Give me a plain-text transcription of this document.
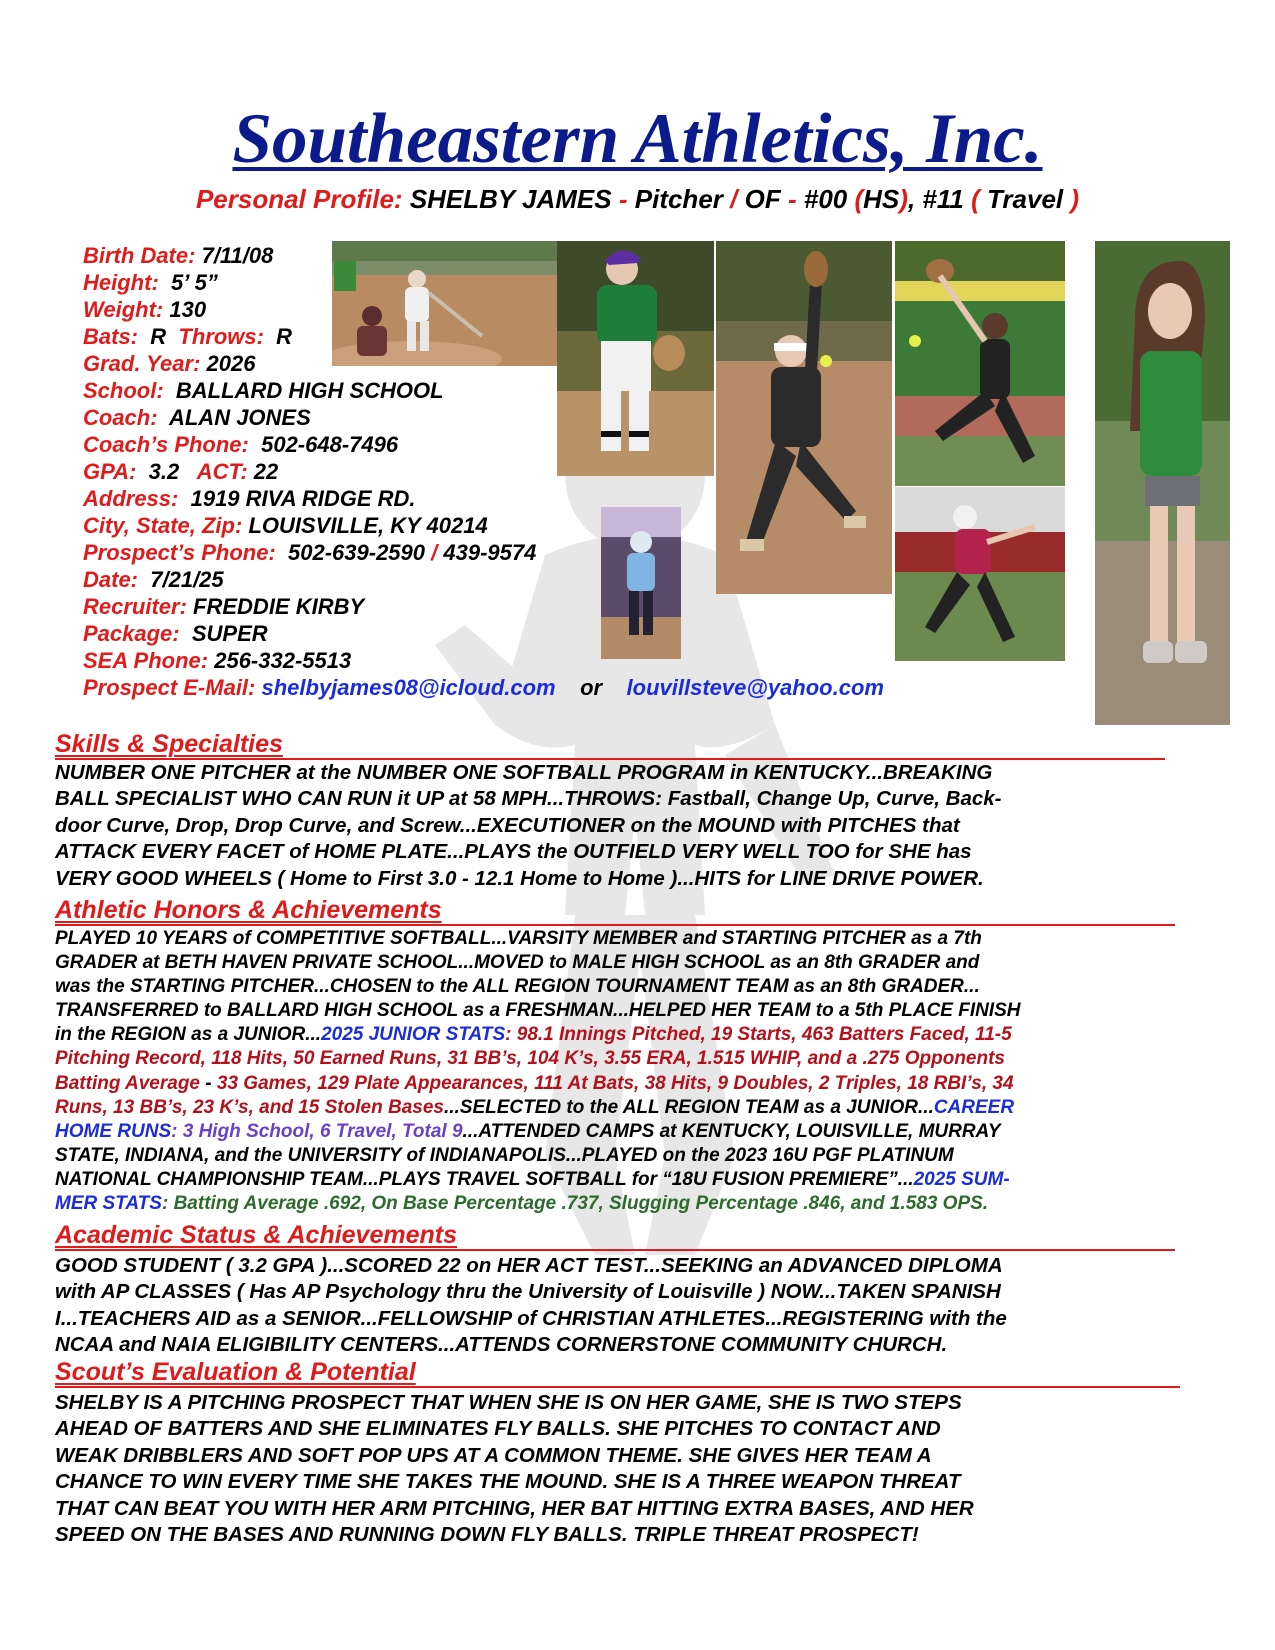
Southeastern Athletics, Inc.
Personal Profile: SHELBY JAMES - Pitcher / OF - #00 (HS), #11 ( Travel )
Birth Date: 7/11/08
Height: 5’ 5”
Weight: 130
Bats: R Throws: R
Grad. Year: 2026
School: BALLARD HIGH SCHOOL
Coach: ALAN JONES
Coach’s Phone: 502-648-7496
GPA: 3.2 ACT: 22
Address: 1919 RIVA RIDGE RD.
City, State, Zip: LOUISVILLE, KY 40214
Prospect’s Phone: 502-639-2590 / 439-9574
Date: 7/21/25
Recruiter: FREDDIE KIRBY
Package: SUPER
SEA Phone: 256-332-5513
Prospect E-Mail: shelbyjames08@icloud.com or louvillsteve@yahoo.com
Skills & Specialties
NUMBER ONE PITCHER at the NUMBER ONE SOFTBALL PROGRAM in KENTUCKY...BREAKING
BALL SPECIALIST WHO CAN RUN it UP at 58 MPH...THROWS: Fastball, Change Up, Curve, Back-
door Curve, Drop, Drop Curve, and Screw...EXECUTIONER on the MOUND with PITCHES that
ATTACK EVERY FACET of HOME PLATE...PLAYS the OUTFIELD VERY WELL TOO for SHE has
VERY GOOD WHEELS ( Home to First 3.0 - 12.1 Home to Home )...HITS for LINE DRIVE POWER.
Athletic Honors & Achievements
PLAYED 10 YEARS of COMPETITIVE SOFTBALL...VARSITY MEMBER and STARTING PITCHER as a 7th
GRADER at BETH HAVEN PRIVATE SCHOOL...MOVED to MALE HIGH SCHOOL as an 8th GRADER and
was the STARTING PITCHER...CHOSEN to the ALL REGION TOURNAMENT TEAM as an 8th GRADER...
TRANSFERRED to BALLARD HIGH SCHOOL as a FRESHMAN...HELPED HER TEAM to a 5th PLACE FINISH
in the REGION as a JUNIOR...2025 JUNIOR STATS: 98.1 Innings Pitched, 19 Starts, 463 Batters Faced, 11-5
Pitching Record, 118 Hits, 50 Earned Runs, 31 BB’s, 104 K’s, 3.55 ERA, 1.515 WHIP, and a .275 Opponents
Batting Average - 33 Games, 129 Plate Appearances, 111 At Bats, 38 Hits, 9 Doubles, 2 Triples, 18 RBI’s, 34
Runs, 13 BB’s, 23 K’s, and 15 Stolen Bases...SELECTED to the ALL REGION TEAM as a JUNIOR...CAREER
HOME RUNS: 3 High School, 6 Travel, Total 9...ATTENDED CAMPS at KENTUCKY, LOUISVILLE, MURRAY
STATE, INDIANA, and the UNIVERSITY of INDIANAPOLIS...PLAYED on the 2023 16U PGF PLATINUM
NATIONAL CHAMPIONSHIP TEAM...PLAYS TRAVEL SOFTBALL for “18U FUSION PREMIERE”...2025 SUM-
MER STATS: Batting Average .692, On Base Percentage .737, Slugging Percentage .846, and 1.583 OPS.
Academic Status & Achievements
GOOD STUDENT ( 3.2 GPA )...SCORED 22 on HER ACT TEST...SEEKING an ADVANCED DIPLOMA
with AP CLASSES ( Has AP Psychology thru the University of Louisville ) NOW...TAKEN SPANISH
I...TEACHERS AID as a SENIOR...FELLOWSHIP of CHRISTIAN ATHLETES...REGISTERING with the
NCAA and NAIA ELIGIBILITY CENTERS...ATTENDS CORNERSTONE COMMUNITY CHURCH.
Scout’s Evaluation & Potential
SHELBY IS A PITCHING PROSPECT THAT WHEN SHE IS ON HER GAME, SHE IS TWO STEPS
AHEAD OF BATTERS AND SHE ELIMINATES FLY BALLS. SHE PITCHES TO CONTACT AND
WEAK DRIBBLERS AND SOFT POP UPS AT A COMMON THEME. SHE GIVES HER TEAM A
CHANCE TO WIN EVERY TIME SHE TAKES THE MOUND. SHE IS A THREE WEAPON THREAT
THAT CAN BEAT YOU WITH HER ARM PITCHING, HER BAT HITTING EXTRA BASES, AND HER
SPEED ON THE BASES AND RUNNING DOWN FLY BALLS. TRIPLE THREAT PROSPECT!
